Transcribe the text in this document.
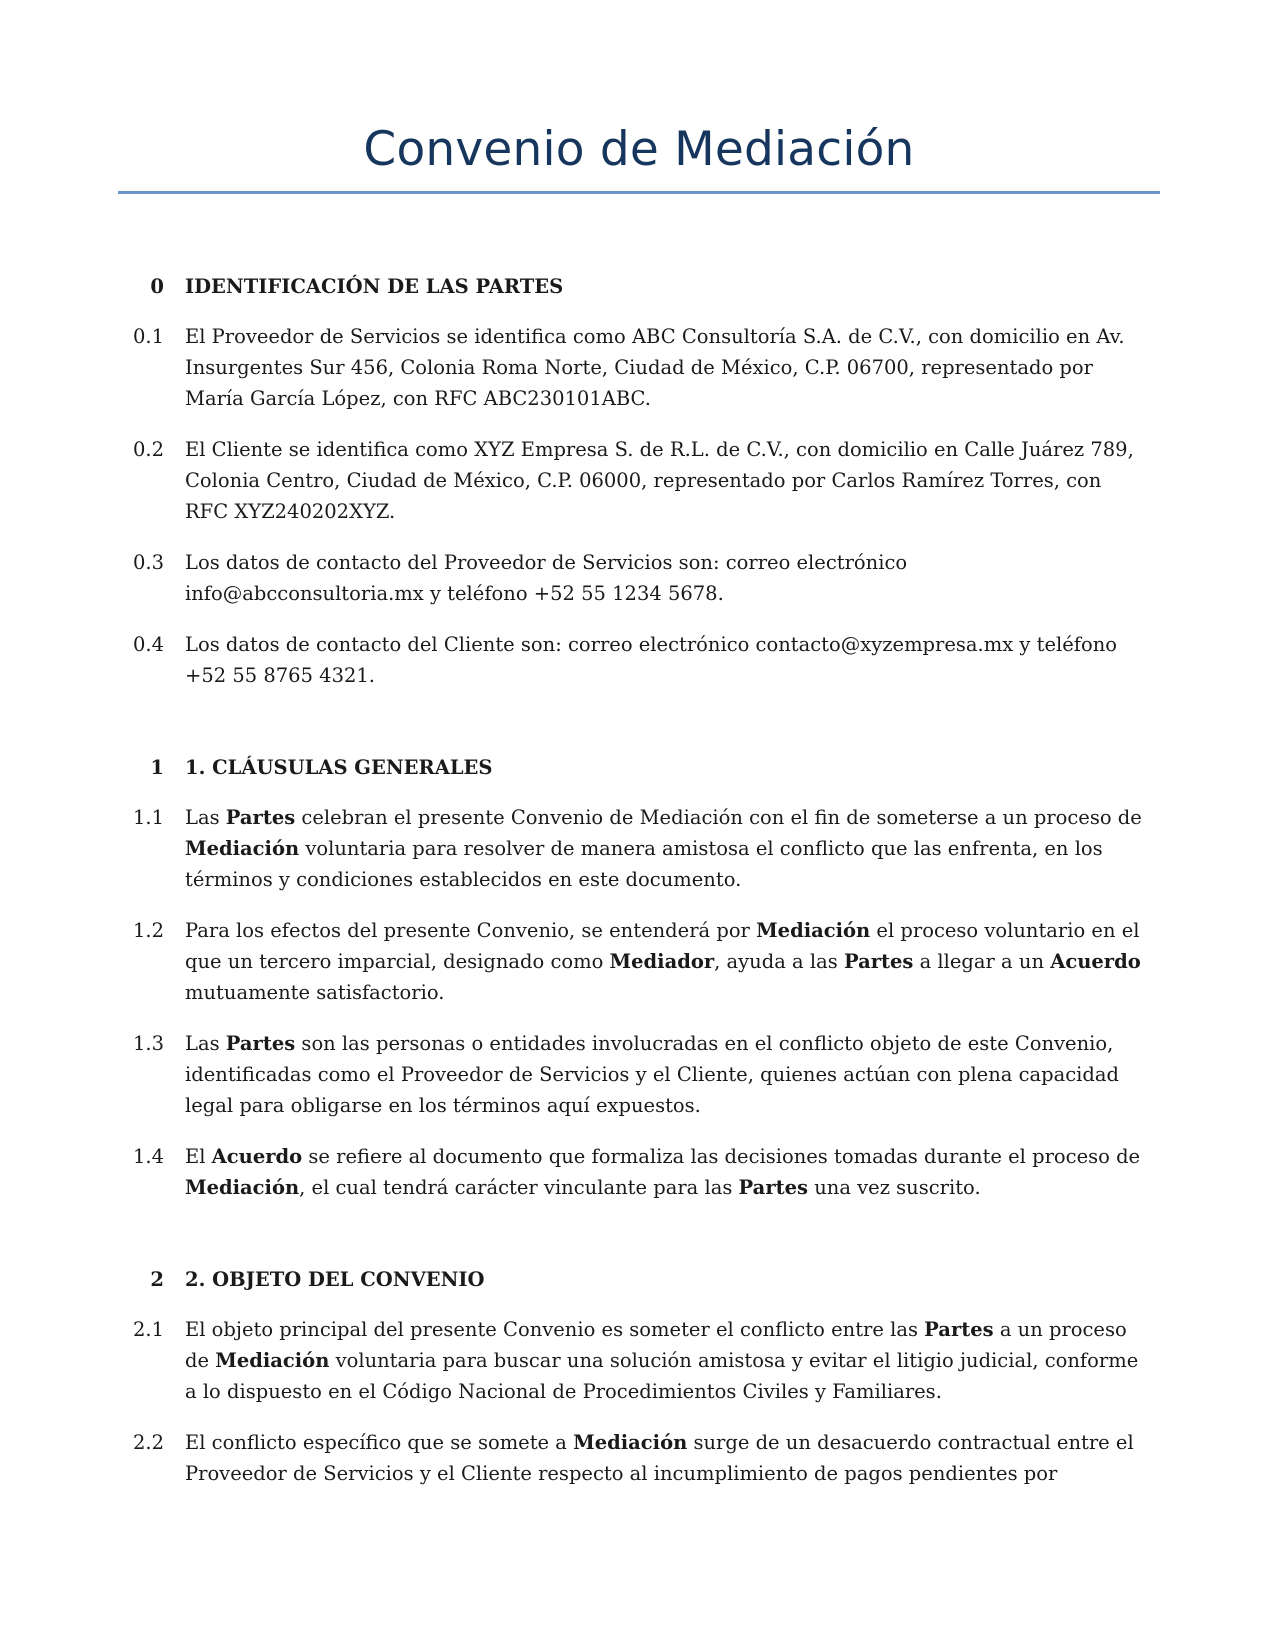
Convenio de Mediación
0	IDENTIFICACIÓN DE LAS PARTES
0.1	El Proveedor de Servicios se identifica como ABC Consultoría S.A. de C.V., con domicilio en Av. Insurgentes Sur 456, Colonia Roma Norte, Ciudad de México, C.P. 06700, representado por María García López, con RFC ABC230101ABC.
0.2	El Cliente se identifica como XYZ Empresa S. de R.L. de C.V., con domicilio en Calle Juárez 789, Colonia Centro, Ciudad de México, C.P. 06000, representado por Carlos Ramírez Torres, con RFC XYZ240202XYZ.
0.3	Los datos de contacto del Proveedor de Servicios son: correo electrónico info@abcconsultoria.mx y teléfono +52 55 1234 5678.
0.4	Los datos de contacto del Cliente son: correo electrónico contacto@xyzempresa.mx y teléfono +52 55 8765 4321.
1	1. CLÁUSULAS GENERALES
1.1	Las Partes celebran el presente Convenio de Mediación con el fin de someterse a un proceso de Mediación voluntaria para resolver de manera amistosa el conflicto que las enfrenta, en los términos y condiciones establecidos en este documento.
1.2	Para los efectos del presente Convenio, se entenderá por Mediación el proceso voluntario en el que un tercero imparcial, designado como Mediador, ayuda a las Partes a llegar a un Acuerdo mutuamente satisfactorio.
1.3	Las Partes son las personas o entidades involucradas en el conflicto objeto de este Convenio, identificadas como el Proveedor de Servicios y el Cliente, quienes actúan con plena capacidad legal para obligarse en los términos aquí expuestos.
1.4	El Acuerdo se refiere al documento que formaliza las decisiones tomadas durante el proceso de Mediación, el cual tendrá carácter vinculante para las Partes una vez suscrito.
2	2. OBJETO DEL CONVENIO
2.1	El objeto principal del presente Convenio es someter el conflicto entre las Partes a un proceso de Mediación voluntaria para buscar una solución amistosa y evitar el litigio judicial, conforme a lo dispuesto en el Código Nacional de Procedimientos Civiles y Familiares.
2.2	El conflicto específico que se somete a Mediación surge de un desacuerdo contractual entre el Proveedor de Servicios y el Cliente respecto al incumplimiento de pagos pendientes por
